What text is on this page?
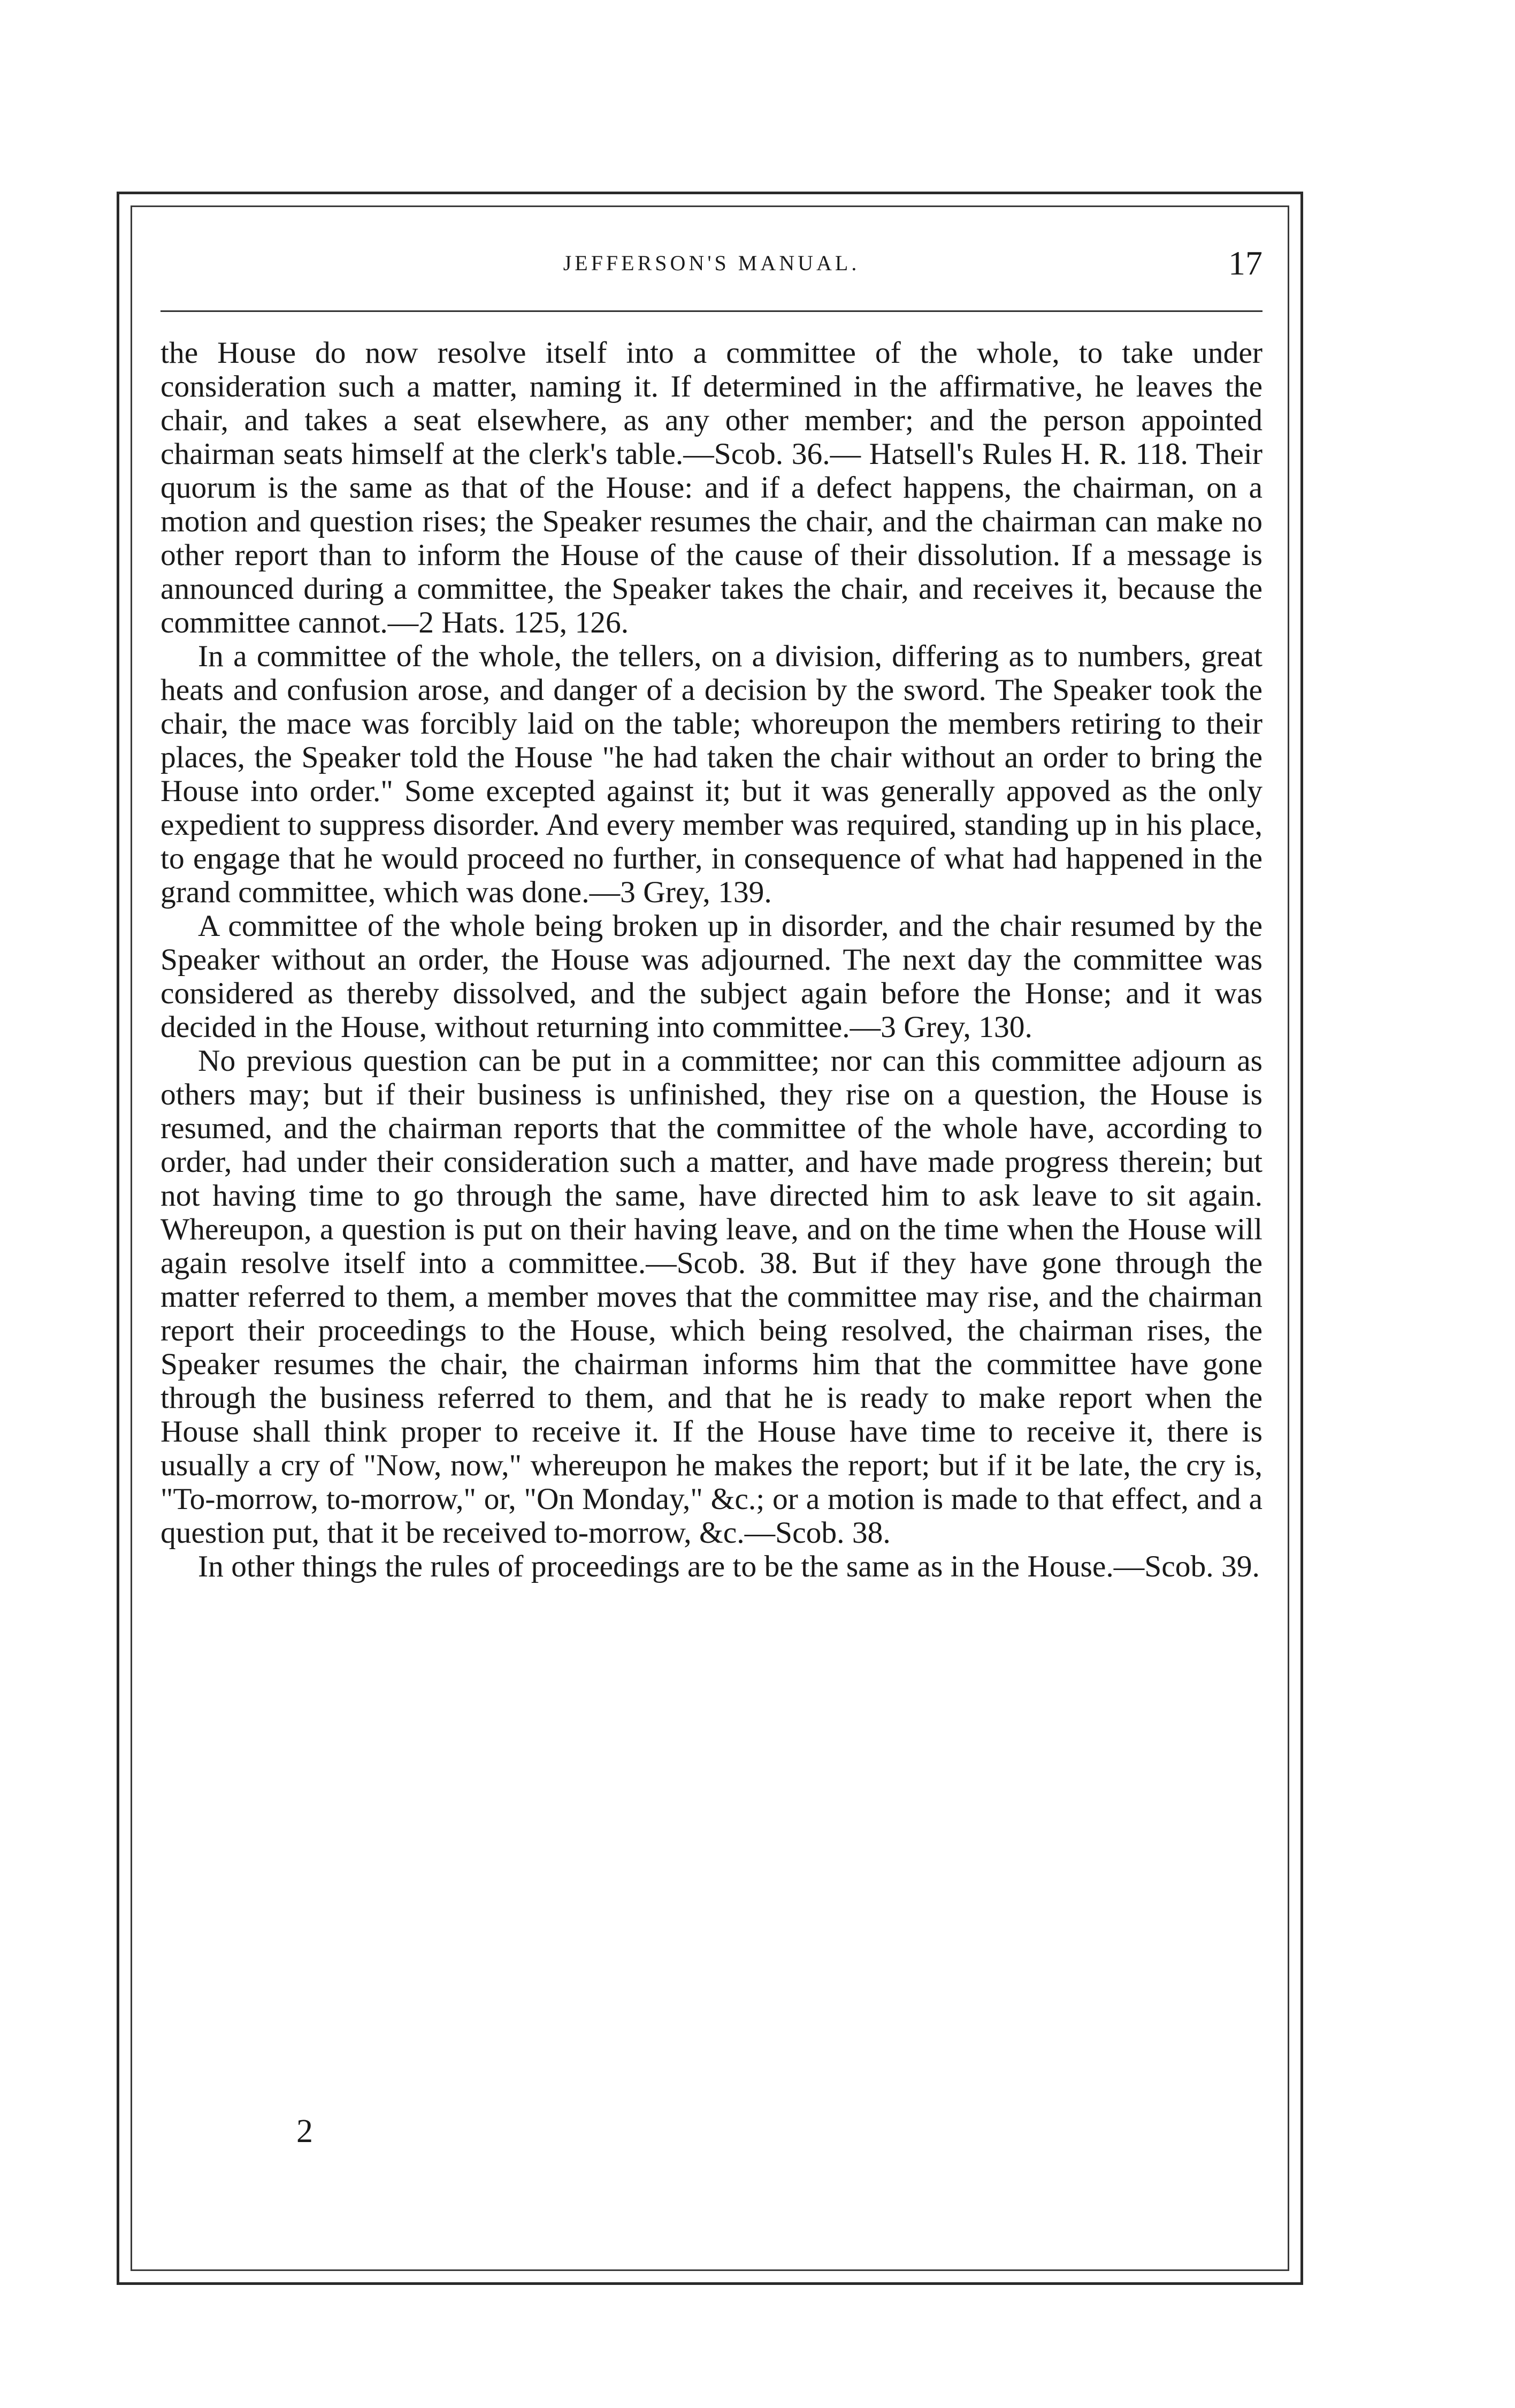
JEFFERSON'S MANUAL.	17

the House do now resolve itself into a committee of the whole, to take under consideration such a matter, naming it. If determined in the affirmative, he leaves the chair, and takes a seat elsewhere, as any other member; and the person appointed chairman seats himself at the clerk's table.—Scob. 36.— Hatsell's Rules H. R. 118. Their quorum is the same as that of the House: and if a defect happens, the chairman, on a motion and question rises; the Speaker resumes the chair, and the chairman can make no other report than to inform the House of the cause of their dissolution. If a message is announced during a committee, the Speaker takes the chair, and receives it, because the committee cannot.—2 Hats. 125, 126.

In a committee of the whole, the tellers, on a division, differing as to numbers, great heats and confusion arose, and danger of a decision by the sword. The Speaker took the chair, the mace was forcibly laid on the table; whoreupon the members retiring to their places, the Speaker told the House "he had taken the chair without an order to bring the House into order." Some excepted against it; but it was generally appoved as the only expedient to suppress disorder. And every member was required, standing up in his place, to engage that he would proceed no further, in consequence of what had happened in the grand committee, which was done.—3 Grey, 139.

A committee of the whole being broken up in disorder, and the chair resumed by the Speaker without an order, the House was adjourned. The next day the committee was considered as thereby dissolved, and the subject again before the Honse; and it was decided in the House, without returning into committee.—3 Grey, 130.

No previous question can be put in a committee; nor can this committee adjourn as others may; but if their business is unfinished, they rise on a question, the House is resumed, and the chairman reports that the committee of the whole have, according to order, had under their consideration such a matter, and have made progress therein; but not having time to go through the same, have directed him to ask leave to sit again. Whereupon, a question is put on their having leave, and on the time when the House will again resolve itself into a committee.—Scob. 38. But if they have gone through the matter referred to them, a member moves that the committee may rise, and the chairman report their proceedings to the House, which being resolved, the chairman rises, the Speaker resumes the chair, the chairman informs him that the committee have gone through the business referred to them, and that he is ready to make report when the House shall think proper to receive it. If the House have time to receive it, there is usually a cry of "Now, now," whereupon he makes the report; but if it be late, the cry is, "To-morrow, to-morrow," or, "On Monday," &c.; or a motion is made to that effect, and a question put, that it be received to-morrow, &c.—Scob. 38.

In other things the rules of proceedings are to be the same as in the House.—Scob. 39.

2
